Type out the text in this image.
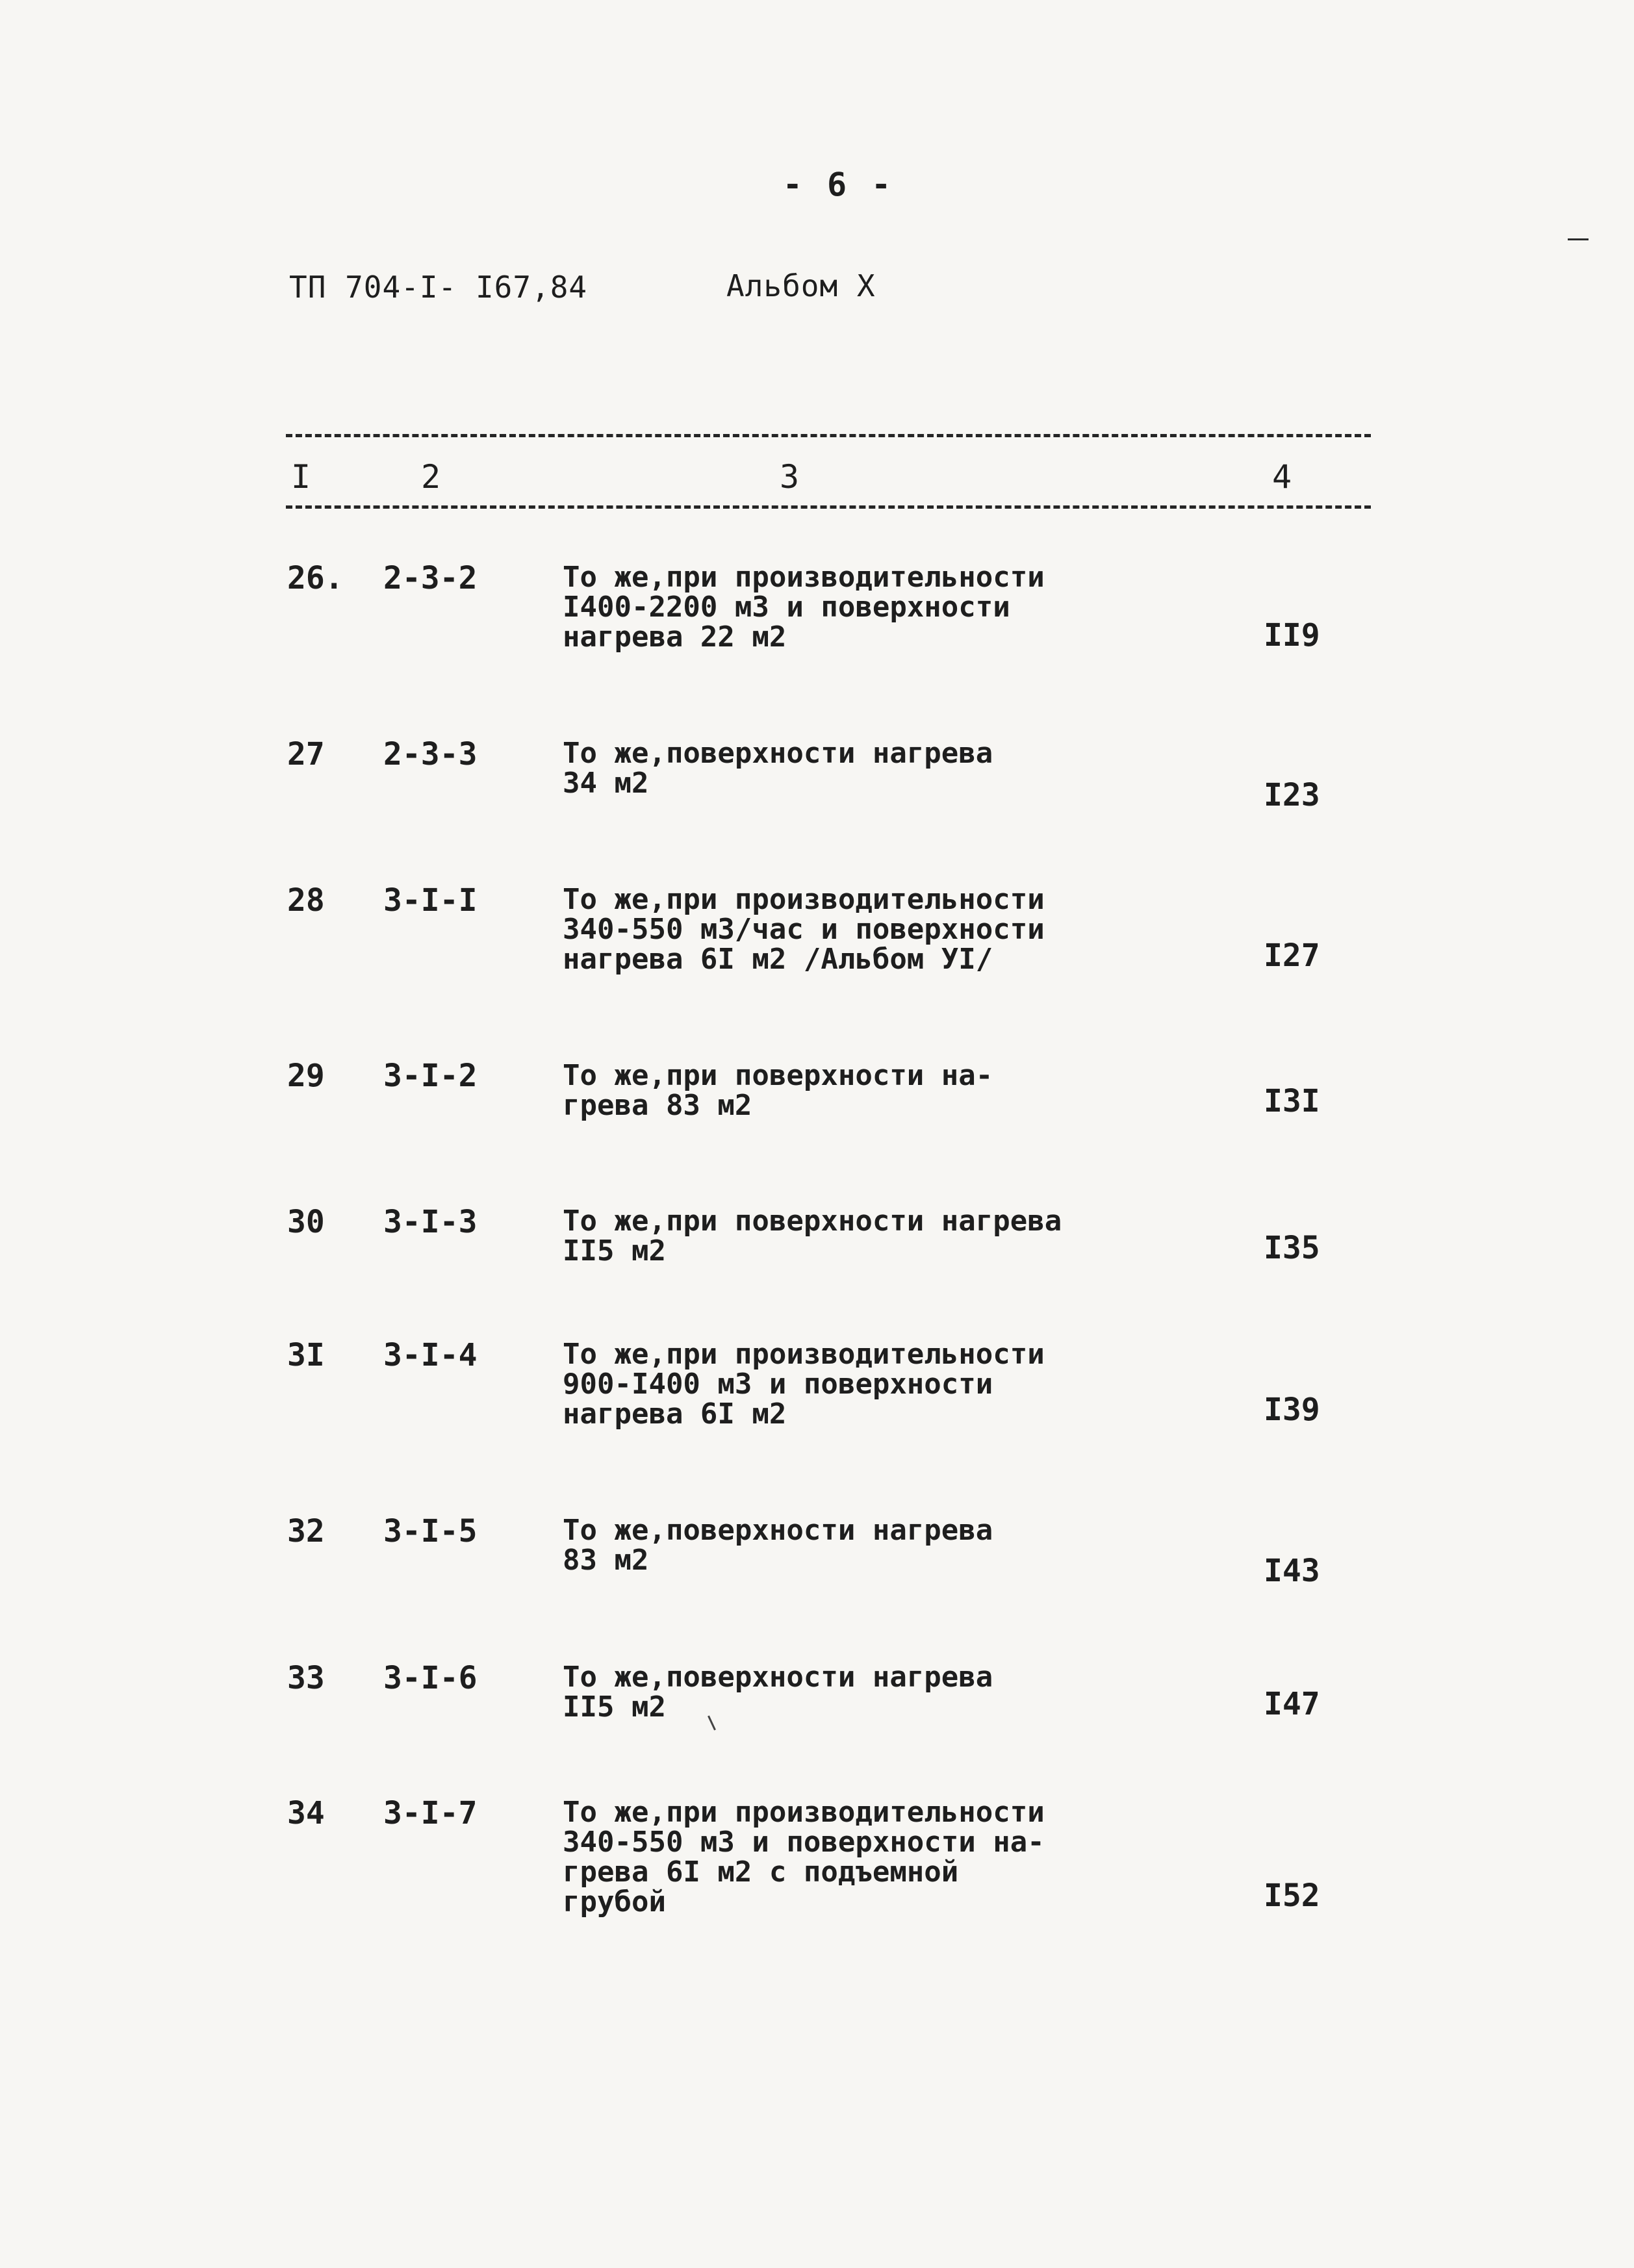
- 6 -
ТП 704-I- I67,84	Альбом X
I	2	3	4
26. 2-3-2	То же,при производительности
I400-2200 м3 и поверхности
нагрева 22 м2	II9
27 2-3-3	То же,поверхности нагрева
34 м2	I23
28 3-I-I	То же,при производительности
340-550 м3/час и поверхности
нагрева 6I м2 /Альбом УI/	I27
29 3-I-2	То же,при поверхности на-
грева 83 м2	I3I
30 3-I-3	То же,при поверхности нагрева
II5 м2	I35
3I 3-I-4	То же,при производительности
900-I400 м3 и поверхности
нагрева 6I м2	I39
32 3-I-5	То же,поверхности нагрева
83 м2	I43
33 3-I-6	То же,поверхности нагрева
II5 м2	I47
34 3-I-7	То же,при производительности
340-550 м3 и поверхности на-
грева 6I м2 с подъемной
грубой	I52
